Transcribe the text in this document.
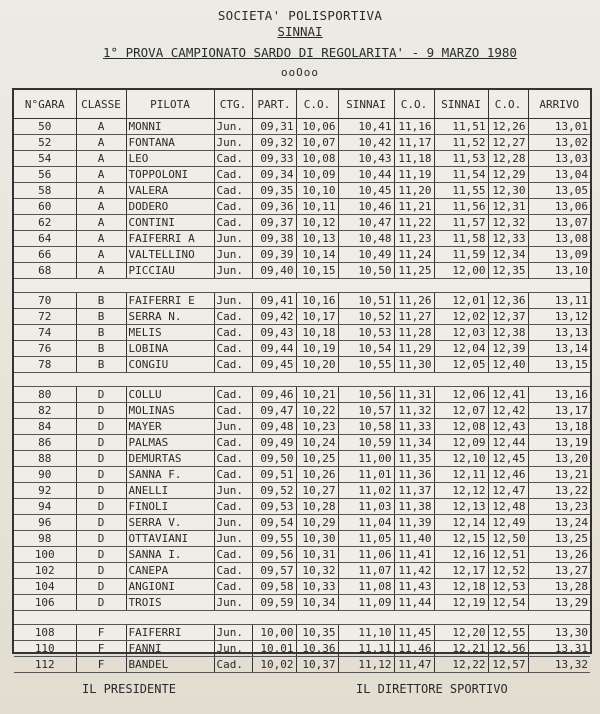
SOCIETA' POLISPORTIVA
SINNAI
1° PROVA CAMPIONATO SARDO DI REGOLARITA' - 9 MARZO 1980
ooOoo
N°GARA	CLASSE	PILOTA	CTG.	PART.	C.O.	SINNAI	C.O.	SINNAI	C.O.	ARRIVO
50	A	MONNI	Jun.	09,31	10,06	10,41	11,16	11,51	12,26	13,01
52	A	FONTANA	Jun.	09,32	10,07	10,42	11,17	11,52	12,27	13,02
54	A	LEO	Cad.	09,33	10,08	10,43	11,18	11,53	12,28	13,03
56	A	TOPPOLONI	Cad.	09,34	10,09	10,44	11,19	11,54	12,29	13,04
58	A	VALERA	Cad.	09,35	10,10	10,45	11,20	11,55	12,30	13,05
60	A	DODERO	Cad.	09,36	10,11	10,46	11,21	11,56	12,31	13,06
62	A	CONTINI	Cad.	09,37	10,12	10,47	11,22	11,57	12,32	13,07
64	A	FAIFERRI A	Jun.	09,38	10,13	10,48	11,23	11,58	12,33	13,08
66	A	VALTELLINO	Jun.	09,39	10,14	10,49	11,24	11,59	12,34	13,09
68	A	PICCIAU	Jun.	09,40	10,15	10,50	11,25	12,00	12,35	13,10

70	B	FAIFERRI E	Jun.	09,41	10,16	10,51	11,26	12,01	12,36	13,11
72	B	SERRA N.	Cad.	09,42	10,17	10,52	11,27	12,02	12,37	13,12
74	B	MELIS	Cad.	09,43	10,18	10,53	11,28	12,03	12,38	13,13
76	B	LOBINA	Cad.	09,44	10,19	10,54	11,29	12,04	12,39	13,14
78	B	CONGIU	Cad.	09,45	10,20	10,55	11,30	12,05	12,40	13,15

80	D	COLLU	Cad.	09,46	10,21	10,56	11,31	12,06	12,41	13,16
82	D	MOLINAS	Cad.	09,47	10,22	10,57	11,32	12,07	12,42	13,17
84	D	MAYER	Jun.	09,48	10,23	10,58	11,33	12,08	12,43	13,18
86	D	PALMAS	Cad.	09,49	10,24	10,59	11,34	12,09	12,44	13,19
88	D	DEMURTAS	Cad.	09,50	10,25	11,00	11,35	12,10	12,45	13,20
90	D	SANNA F.	Cad.	09,51	10,26	11,01	11,36	12,11	12,46	13,21
92	D	ANELLI	Jun.	09,52	10,27	11,02	11,37	12,12	12,47	13,22
94	D	FINOLI	Cad.	09,53	10,28	11,03	11,38	12,13	12,48	13,23
96	D	SERRA V.	Jun.	09,54	10,29	11,04	11,39	12,14	12,49	13,24
98	D	OTTAVIANI	Jun.	09,55	10,30	11,05	11,40	12,15	12,50	13,25
100	D	SANNA I.	Cad.	09,56	10,31	11,06	11,41	12,16	12,51	13,26
102	D	CANEPA	Cad.	09,57	10,32	11,07	11,42	12,17	12,52	13,27
104	D	ANGIONI	Cad.	09,58	10,33	11,08	11,43	12,18	12,53	13,28
106	D	TROIS	Jun.	09,59	10,34	11,09	11,44	12,19	12,54	13,29

108	F	FAIFERRI	Jun.	10,00	10,35	11,10	11,45	12,20	12,55	13,30
110	F	FANNI	Jun.	10,01	10,36	11,11	11,46	12,21	12,56	13,31
112	F	BANDEL	Cad.	10,02	10,37	11,12	11,47	12,22	12,57	13,32
IL PRESIDENTE	IL DIRETTORE SPORTIVO
